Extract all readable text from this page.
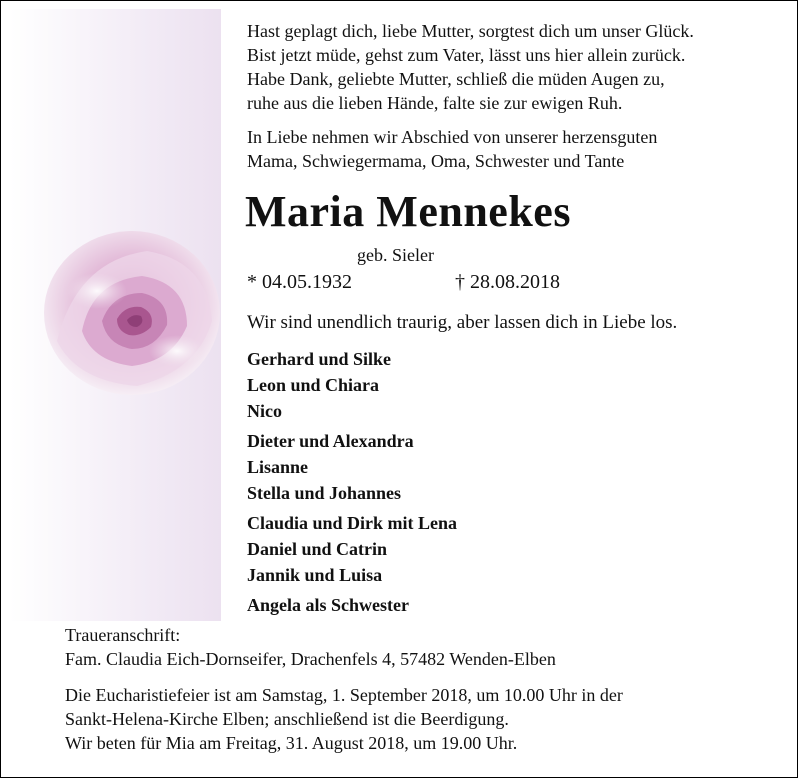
Hast geplagt dich, liebe Mutter, sorgtest dich um unser Glück.
Bist jetzt müde, gehst zum Vater, lässt uns hier allein zurück.
Habe Dank, geliebte Mutter, schließ die müden Augen zu,
ruhe aus die lieben Hände, falte sie zur ewigen Ruh.
In Liebe nehmen wir Abschied von unserer herzensguten
Mama, Schwiegermama, Oma, Schwester und Tante
Maria Mennekes
geb. Sieler
* 04.05.1932	† 28.08.2018
Wir sind unendlich traurig, aber lassen dich in Liebe los.
Gerhard und Silke
Leon und Chiara
Nico
Dieter und Alexandra
Lisanne
Stella und Johannes
Claudia und Dirk mit Lena
Daniel und Catrin
Jannik und Luisa
Angela als Schwester
Traueranschrift:
Fam. Claudia Eich-Dornseifer, Drachenfels 4, 57482 Wenden-Elben
Die Eucharistiefeier ist am Samstag, 1. September 2018, um 10.00 Uhr in der
Sankt-Helena-Kirche Elben; anschließend ist die Beerdigung.
Wir beten für Mia am Freitag, 31. August 2018, um 19.00 Uhr.
